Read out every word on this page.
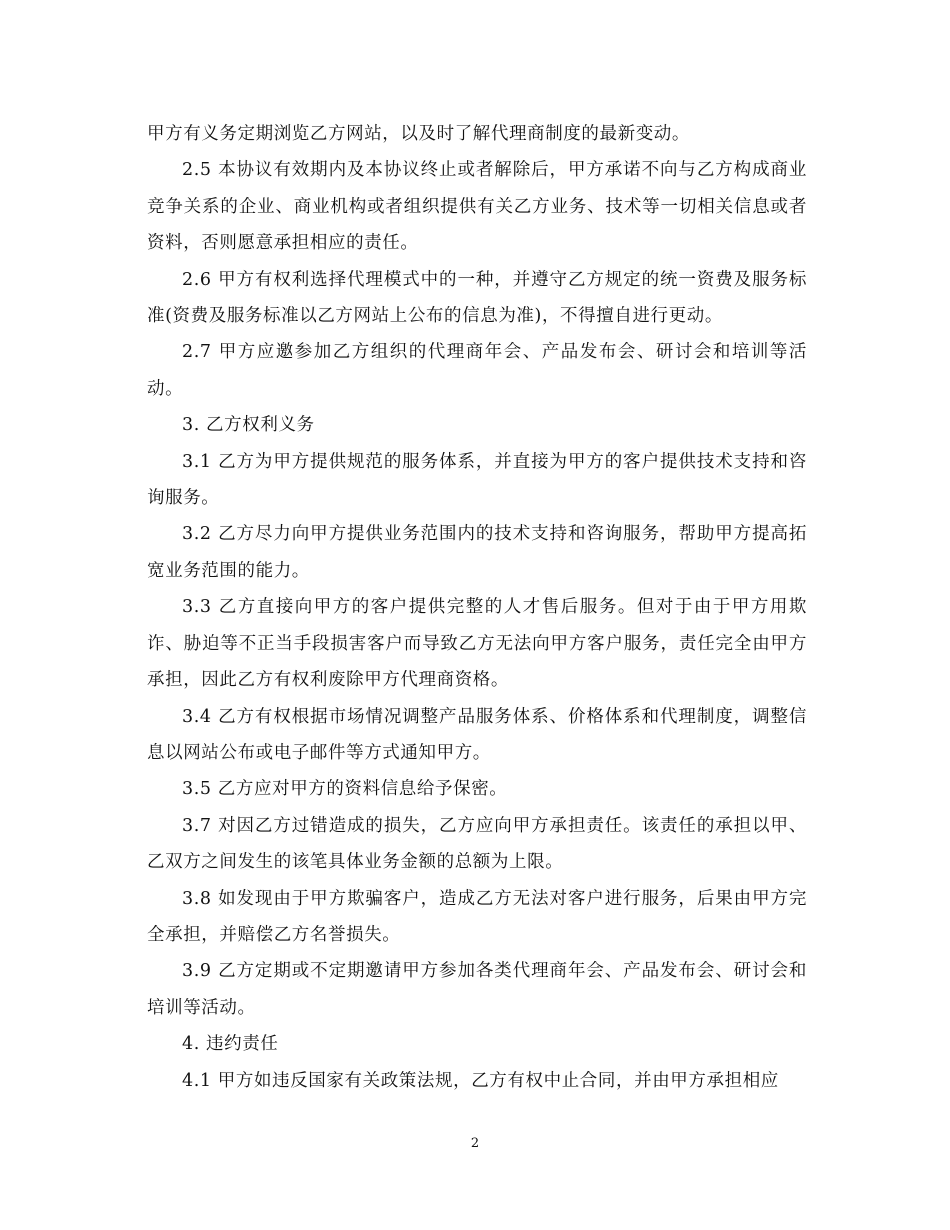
甲方有义务定期浏览乙方网站，以及时了解代理商制度的最新变动。

2.5 本协议有效期内及本协议终止或者解除后，甲方承诺不向与乙方构成商业竞争关系的企业、商业机构或者组织提供有关乙方业务、技术等一切相关信息或者资料，否则愿意承担相应的责任。

2.6 甲方有权利选择代理模式中的一种，并遵守乙方规定的统一资费及服务标准(资费及服务标准以乙方网站上公布的信息为准)，不得擅自进行更动。

2.7 甲方应邀参加乙方组织的代理商年会、产品发布会、研讨会和培训等活动。

3. 乙方权利义务

3.1 乙方为甲方提供规范的服务体系，并直接为甲方的客户提供技术支持和咨询服务。

3.2 乙方尽力向甲方提供业务范围内的技术支持和咨询服务，帮助甲方提高拓宽业务范围的能力。

3.3 乙方直接向甲方的客户提供完整的人才售后服务。但对于由于甲方用欺诈、胁迫等不正当手段损害客户而导致乙方无法向甲方客户服务，责任完全由甲方承担，因此乙方有权利废除甲方代理商资格。

3.4 乙方有权根据市场情况调整产品服务体系、价格体系和代理制度，调整信息以网站公布或电子邮件等方式通知甲方。

3.5 乙方应对甲方的资料信息给予保密。

3.7 对因乙方过错造成的损失，乙方应向甲方承担责任。该责任的承担以甲、乙双方之间发生的该笔具体业务金额的总额为上限。

3.8 如发现由于甲方欺骗客户，造成乙方无法对客户进行服务，后果由甲方完全承担，并赔偿乙方名誉损失。

3.9 乙方定期或不定期邀请甲方参加各类代理商年会、产品发布会、研讨会和培训等活动。

4. 违约责任

4.1 甲方如违反国家有关政策法规，乙方有权中止合同，并由甲方承担相应

2
